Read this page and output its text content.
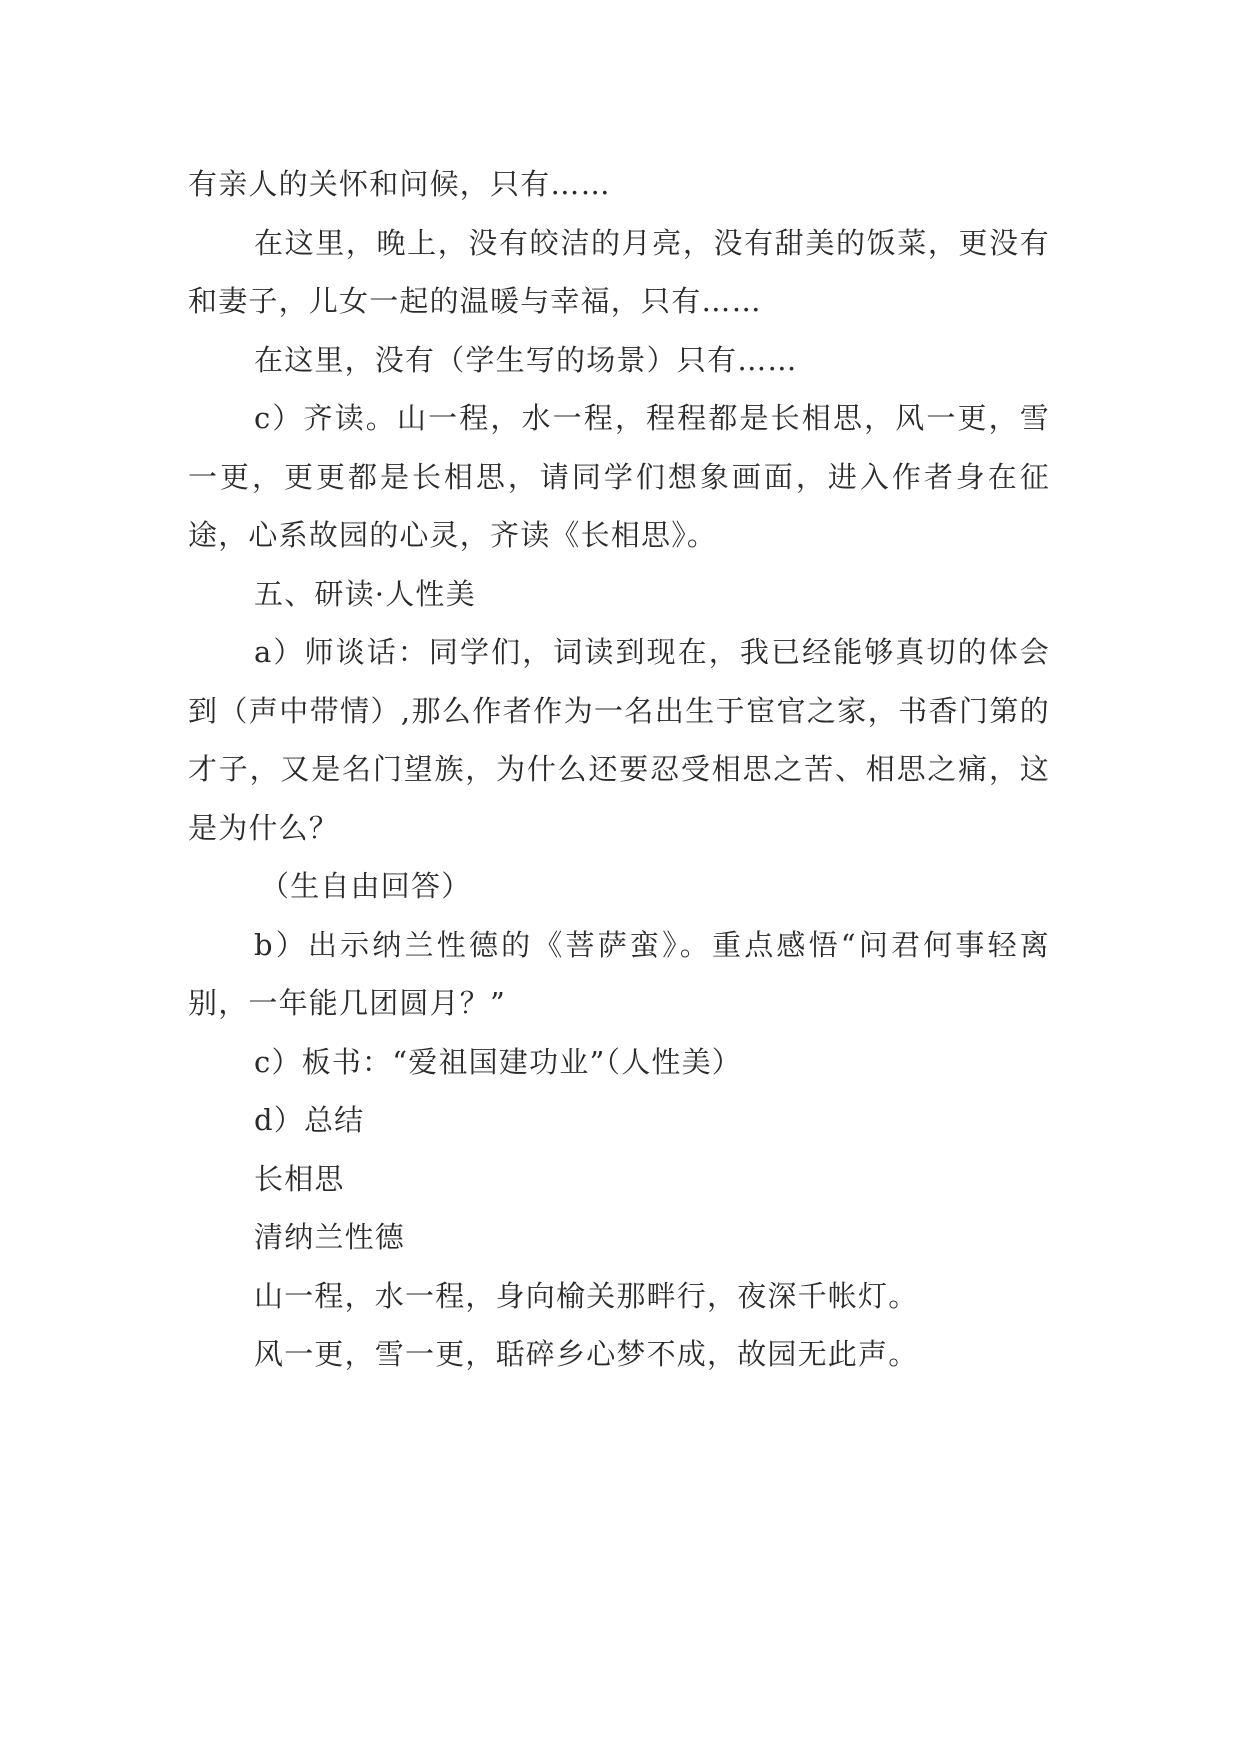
有亲人的关怀和问候，只有……

在这里，晚上，没有皎洁的月亮，没有甜美的饭菜，更没有和妻子，儿女一起的温暖与幸福，只有……

在这里，没有（学生写的场景）只有……

c）齐读。山一程，水一程，程程都是长相思，风一更，雪一更，更更都是长相思，请同学们想象画面，进入作者身在征途，心系故园的心灵，齐读《长相思》。

五、研读·人性美

a）师谈话：同学们，词读到现在，我已经能够真切的体会到（声中带情）,那么作者作为一名出生于宦官之家，书香门第的才子，又是名门望族，为什么还要忍受相思之苦、相思之痛，这是为什么？

（生自由回答）

b）出示纳兰性德的《菩萨蛮》。重点感悟“问君何事轻离别，一年能几团圆月？”

c）板书：“爱祖国建功业”（人性美）

d）总结

长相思

清纳兰性德

山一程，水一程，身向榆关那畔行，夜深千帐灯。

风一更，雪一更，聒碎乡心梦不成，故园无此声。
